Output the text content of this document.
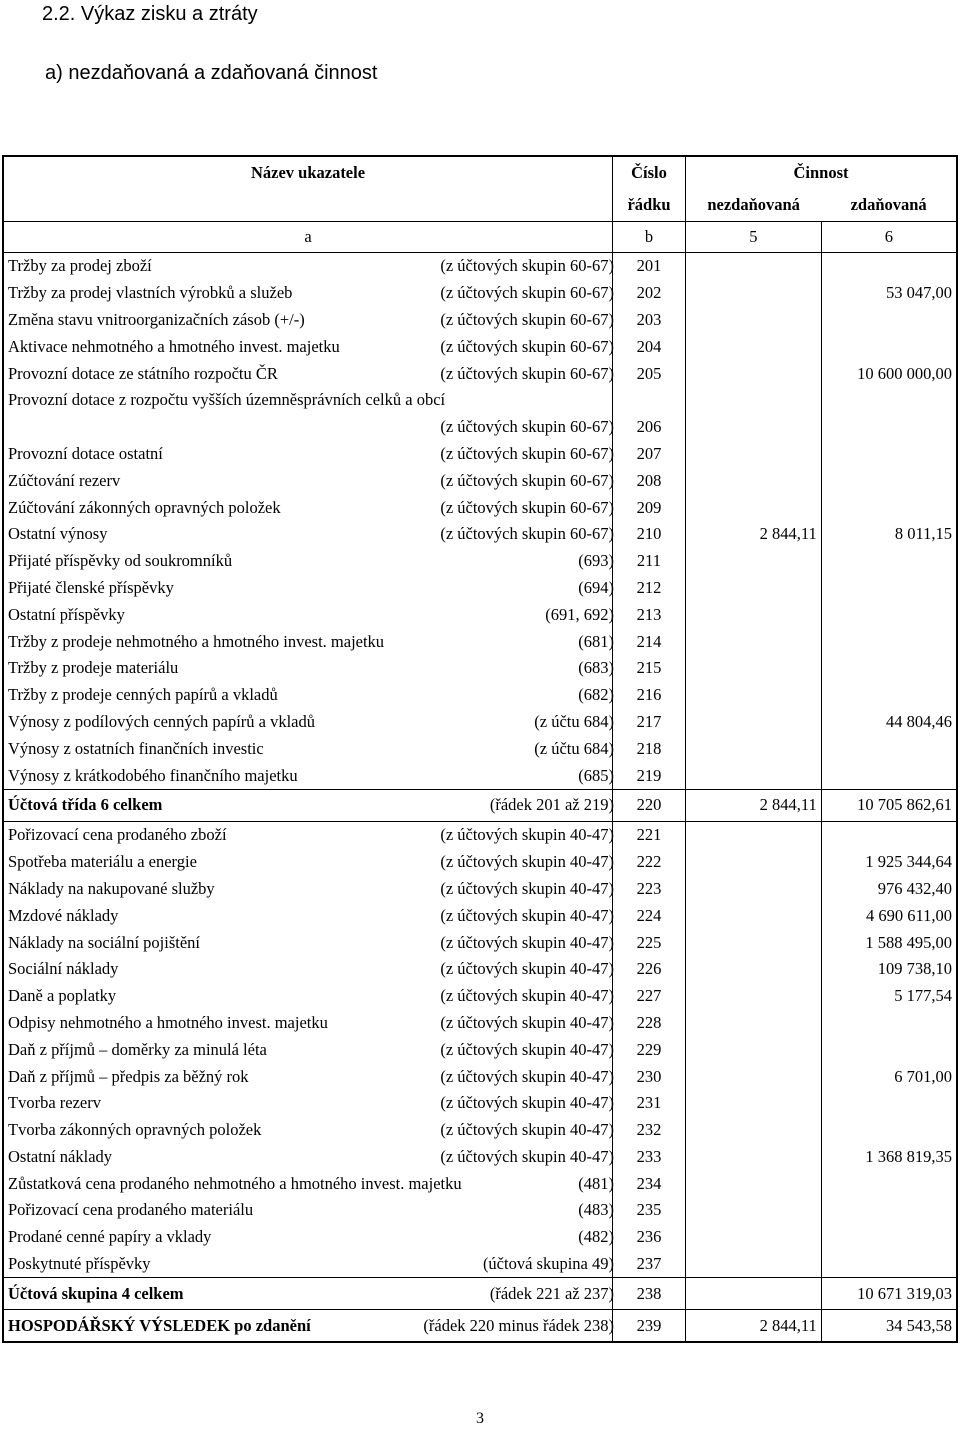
2.2. Výkaz zisku a ztráty
a) nezdaňovaná a zdaňovaná činnost
Název ukazatele	Číslo	Činnost	
	řádku	nezdaňovaná	zdaňovaná
a	b	5	6

Tržby za prodej zboží (z účtových skupin 60-67)	201		

Tržby za prodej vlastních výrobků a služeb (z účtových skupin 60-67)	202		53 047,00

Změna stavu vnitroorganizačních zásob (+/-) (z účtových skupin 60-67)	203		

Aktivace nehmotného a hmotného invest. majetku (z účtových skupin 60-67)	204		

Provozní dotace ze státního rozpočtu ČR (z účtových skupin 60-67)	205		10 600 000,00

Provozní dotace z rozpočtu vyšších územněsprávních celků a obcí			

(z účtových skupin 60-67)	206		

Provozní dotace ostatní (z účtových skupin 60-67)	207		

Zúčtování rezerv (z účtových skupin 60-67)	208		

Zúčtování zákonných opravných položek (z účtových skupin 60-67)	209		

Ostatní výnosy (z účtových skupin 60-67)	210	2 844,11	8 011,15

Přijaté příspěvky od soukromníků (693)	211		

Přijaté členské příspěvky (694)	212		

Ostatní příspěvky (691, 692)	213		

Tržby z prodeje nehmotného a hmotného invest. majetku (681)	214		

Tržby z prodeje materiálu (683)	215		

Tržby z prodeje cenných papírů a vkladů (682)	216		

Výnosy z podílových cenných papírů a vkladů (z účtu 684)	217		44 804,46

Výnosy z ostatních finančních investic (z účtu 684)	218		

Výnosy z krátkodobého finančního majetku (685)	219		

Účtová třída 6 celkem (řádek 201 až 219)	220	2 844,11	10 705 862,61

Pořizovací cena prodaného zboží (z účtových skupin 40-47)	221		

Spotřeba materiálu a energie (z účtových skupin 40-47)	222		1 925 344,64

Náklady na nakupované služby (z účtových skupin 40-47)	223		976 432,40

Mzdové náklady (z účtových skupin 40-47)	224		4 690 611,00

Náklady na sociální pojištění (z účtových skupin 40-47)	225		1 588 495,00

Sociální náklady (z účtových skupin 40-47)	226		109 738,10

Daně a poplatky (z účtových skupin 40-47)	227		5 177,54

Odpisy nehmotného a hmotného invest. majetku (z účtových skupin 40-47)	228		

Daň z příjmů – doměrky za minulá léta (z účtových skupin 40-47)	229		

Daň z příjmů – předpis za běžný rok (z účtových skupin 40-47)	230		6 701,00

Tvorba rezerv (z účtových skupin 40-47)	231		

Tvorba zákonných opravných položek (z účtových skupin 40-47)	232		

Ostatní náklady (z účtových skupin 40-47)	233		1 368 819,35

Zůstatková cena prodaného nehmotného a hmotného invest. majetku (481)	234		

Pořizovací cena prodaného materiálu (483)	235		

Prodané cenné papíry a vklady (482)	236		

Poskytnuté příspěvky (účtová skupina 49)	237		

Účtová skupina 4 celkem (řádek 221 až 237)	238		10 671 319,03

HOSPODÁŘSKÝ VÝSLEDEK po zdanění (řádek 220 minus řádek 238)	239	2 844,11	34 543,58
3
